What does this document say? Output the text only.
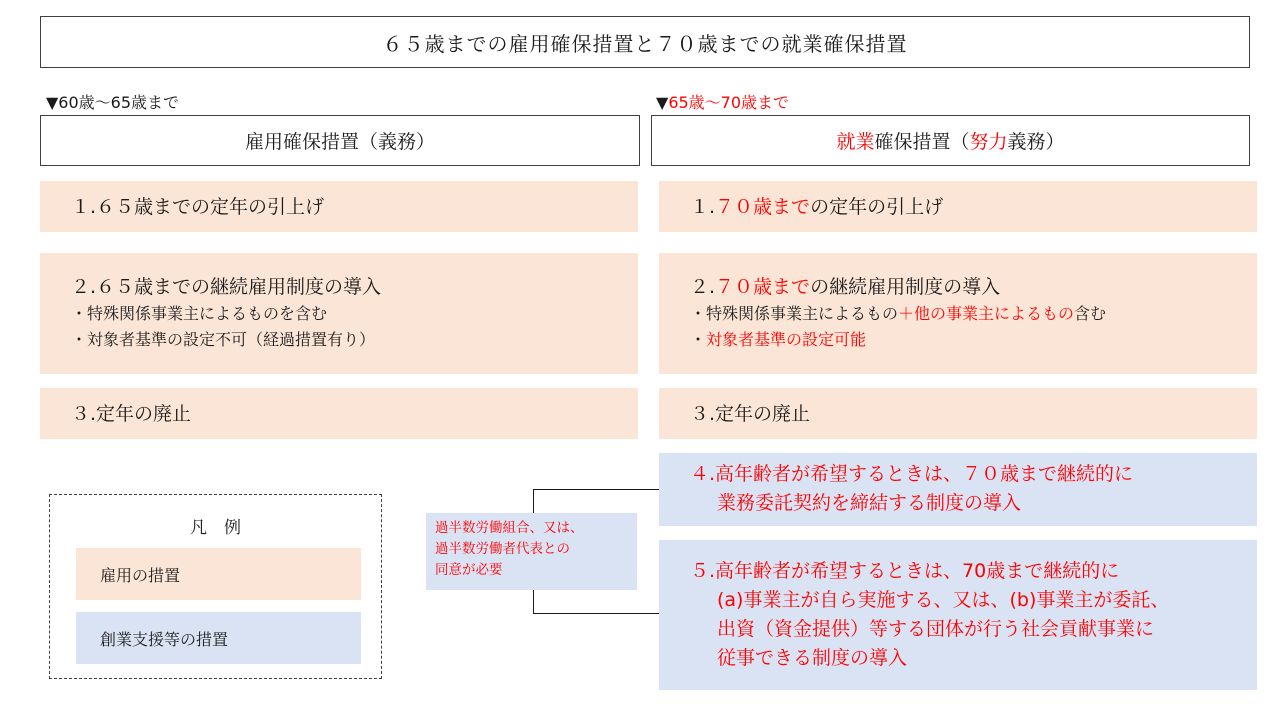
６５歳までの雇用確保措置と７０歳までの就業確保措置
▼60歳～65歳まで	▼65歳～70歳まで
雇用確保措置（義務）	就業 確保措置（ 努力 義務）
１.６５歳までの定年の引上げ
２.６５歳までの継続雇用制度の導入
・特殊関係事業主によるものを含む
・対象者基準の設定不可（経過措置有り）
３.定年の廃止
１.７０歳までの定年の引上げ
２.７０歳までの継続雇用制度の導入
・特殊関係事業主によるもの＋他の事業主によるもの含む
・対象者基準の設定可能
３.定年の廃止
４.高年齢者が希望するときは、７０歳まで継続的に
業務委託契約を締結する制度の導入
５.高年齢者が希望するときは、70歳まで継続的に
(a)事業主が自ら実施する、又は、(b)事業主が委託、
出資（資金提供）等する団体が行う社会貢献事業に
従事できる制度の導入
過半数労働組合、又は、
過半数労働者代表との
同意が必要
凡　例
雇用の措置
創業支援等の措置
